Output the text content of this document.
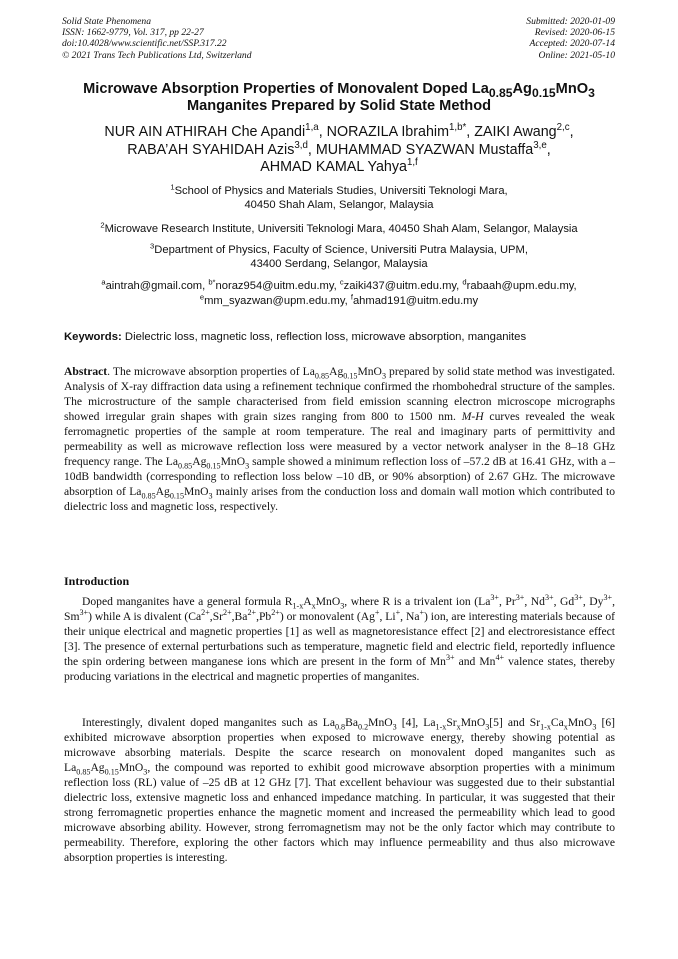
Solid State Phenomena
ISSN: 1662-9779, Vol. 317, pp 22-27
doi:10.4028/www.scientific.net/SSP.317.22
© 2021 Trans Tech Publications Ltd, Switzerland
Submitted: 2020-01-09
Revised: 2020-06-15
Accepted: 2020-07-14
Online: 2021-05-10
Microwave Absorption Properties of Monovalent Doped $La_{0.85}Ag_{0.15}MnO_3$
Manganites Prepared by Solid State Method
NUR AIN ATHIRAH Che Apandi$^{1,a}$, NORAZILA Ibrahim$^{1,b*}$, ZAIKI Awang$^{2,c}$,
RABA’AH SYAHIDAH Azis$^{3,d}$, MUHAMMAD SYAZWAN Mustaffa$^{3,e}$,
AHMAD KAMAL Yahya$^{1,f}$
$^1$School of Physics and Materials Studies, Universiti Teknologi Mara,
40450 Shah Alam, Selangor, Malaysia
$^2$Microwave Research Institute, Universiti Teknologi Mara, 40450 Shah Alam, Selangor, Malaysia
$^3$Department of Physics, Faculty of Science, Universiti Putra Malaysia, UPM,
43400 Serdang, Selangor, Malaysia
$^a$aintrah@gmail.com, $^{b*}$noraz954@uitm.edu.my, $^c$zaiki437@uitm.edu.my, $^d$rabaah@upm.edu.my,
$^e$mm_syazwan@upm.edu.my, $^f$ahmad191@uitm.edu.my
Keywords: Dielectric loss, magnetic loss, reflection loss, microwave absorption, manganites
Abstract. The microwave absorption properties of $La_{0.85}Ag_{0.15}MnO_3$ prepared by solid state method was investigated. Analysis of X-ray diffraction data using a refinement technique confirmed the rhombohedral structure of the samples. The microstructure of the sample characterised from field emission scanning electron microscope micrographs showed irregular grain shapes with grain sizes ranging from 800 to 1500 nm. M-H curves revealed the weak ferromagnetic properties of the sample at room temperature. The real and imaginary parts of permittivity and permeability as well as microwave reflection loss were measured by a vector network analyser in the 8–18 GHz frequency range. The $La_{0.85}Ag_{0.15}MnO_3$ sample showed a minimum reflection loss of –57.2 dB at 16.41 GHz, with a –10dB bandwidth (corresponding to reflection loss below –10 dB, or 90% absorption) of 2.67 GHz. The microwave absorption of $La_{0.85}Ag_{0.15}MnO_3$ mainly arises from the conduction loss and domain wall motion which contributed to dielectric loss and magnetic loss, respectively.
Introduction
Doped manganites have a general formula $R_{1-x}A_xMnO_3$, where R is a trivalent ion ($La^{3+}$, $Pr^{3+}$, $Nd^{3+}$, $Gd^{3+}$, $Dy^{3+}$, $Sm^{3+}$) while A is divalent $(Ca^{2+},Sr^{2+},Ba^{2+},Pb^{2+})$ or monovalent (Ag+, Li+, Na+) ion, are interesting materials because of their unique electrical and magnetic properties [1] as well as magnetoresistance effect [2] and electroresistance effect [3]. The presence of external perturbations such as temperature, magnetic field and electric field, reportedly influence the spin ordering between manganese ions which are present in the form of $Mn^{3+}$ and $Mn^{4+}$ valence states, thereby producing variations in the electrical and magnetic properties of manganites.
Interestingly, divalent doped manganites such as $La_{0.8}Ba_{0.2}MnO_3$ [4], $La_{1-x}Sr_xMnO_3[5]$ and $Sr_{1-x}Ca_xMnO_3$ [6] exhibited microwave absorption properties when exposed to microwave energy, thereby showing potential as microwave absorbing materials. Despite the scarce research on monovalent doped manganites such as $La_{0.85}Ag_{0.15}MnO_3$, the compound was reported to exhibit good microwave absorption properties with a minimum reflection loss (RL) value of –25 dB at 12 GHz [7]. That excellent behaviour was suggested due to their substantial dielectric loss, extensive magnetic loss and enhanced impedance matching. In particular, it was suggested that their strong ferromagnetic properties enhance the magnetic moment and increased the permeability which lead to good microwave absorbing ability. However, strong ferromagnetism may not be the only factor which may contribute to permeability. Therefore, exploring the other factors which may influence permeability and thus also microwave absorption properties is interesting.
